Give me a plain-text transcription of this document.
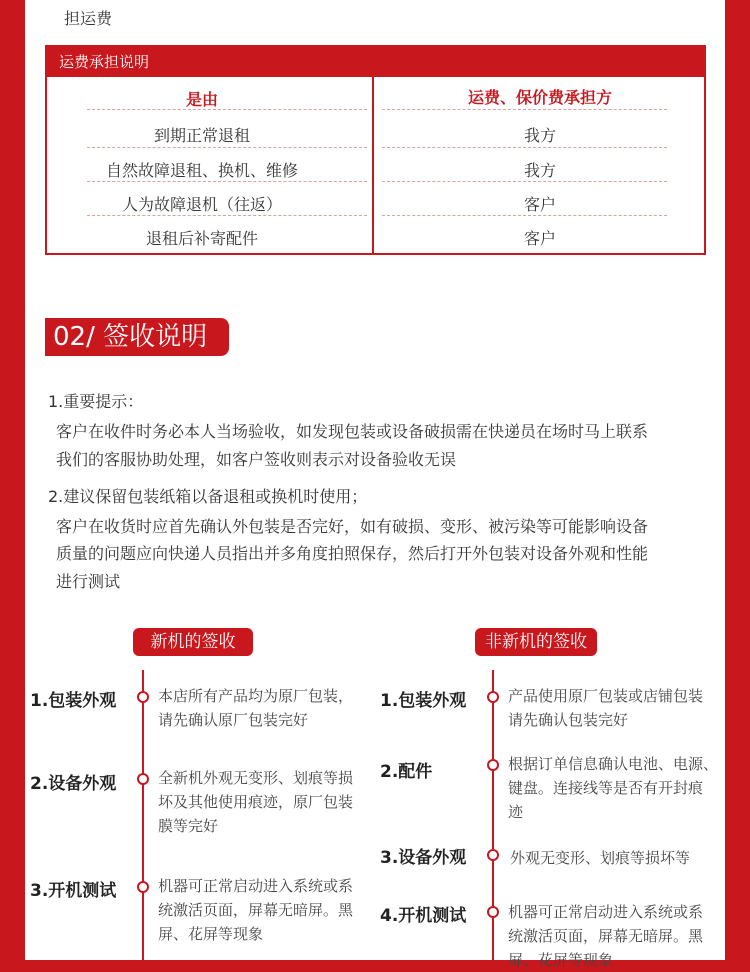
担运费
运费承担说明
是由	运费、保价费承担方
到期正常退租	我方
自然故障退租、换机、维修	我方
人为故障退机（往返）	客户
退租后补寄配件	客户
02/ 签收说明
1.重要提示：
客户在收件时务必本人当场验收，如发现包装或设备破损需在快递员在场时马上联系
我们的客服协助处理，如客户签收则表示对设备验收无误
2.建议保留包装纸箱以备退租或换机时使用；
客户在收货时应首先确认外包装是否完好，如有破损、变形、被污染等可能影响设备
质量的问题应向快递人员指出并多角度拍照保存，然后打开外包装对设备外观和性能
进行测试
新机的签收	非新机的签收
1.包装外观	本店所有产品均为原厂包装，
请先确认原厂包装完好
2.设备外观	全新机外观无变形、划痕等损
坏及其他使用痕迹，原厂包装
膜等完好
3.开机测试	机器可正常启动进入系统或系
统激活页面，屏幕无暗屏。黑
屏、花屏等现象
1.包装外观	产品使用原厂包装或店铺包装
请先确认包装完好
2.配件	根据订单信息确认电池、电源、
键盘。连接线等是否有开封痕
迹
3.设备外观	外观无变形、划痕等损坏等
4.开机测试	机器可正常启动进入系统或系
统激活页面，屏幕无暗屏。黑
屏、花屏等现象
